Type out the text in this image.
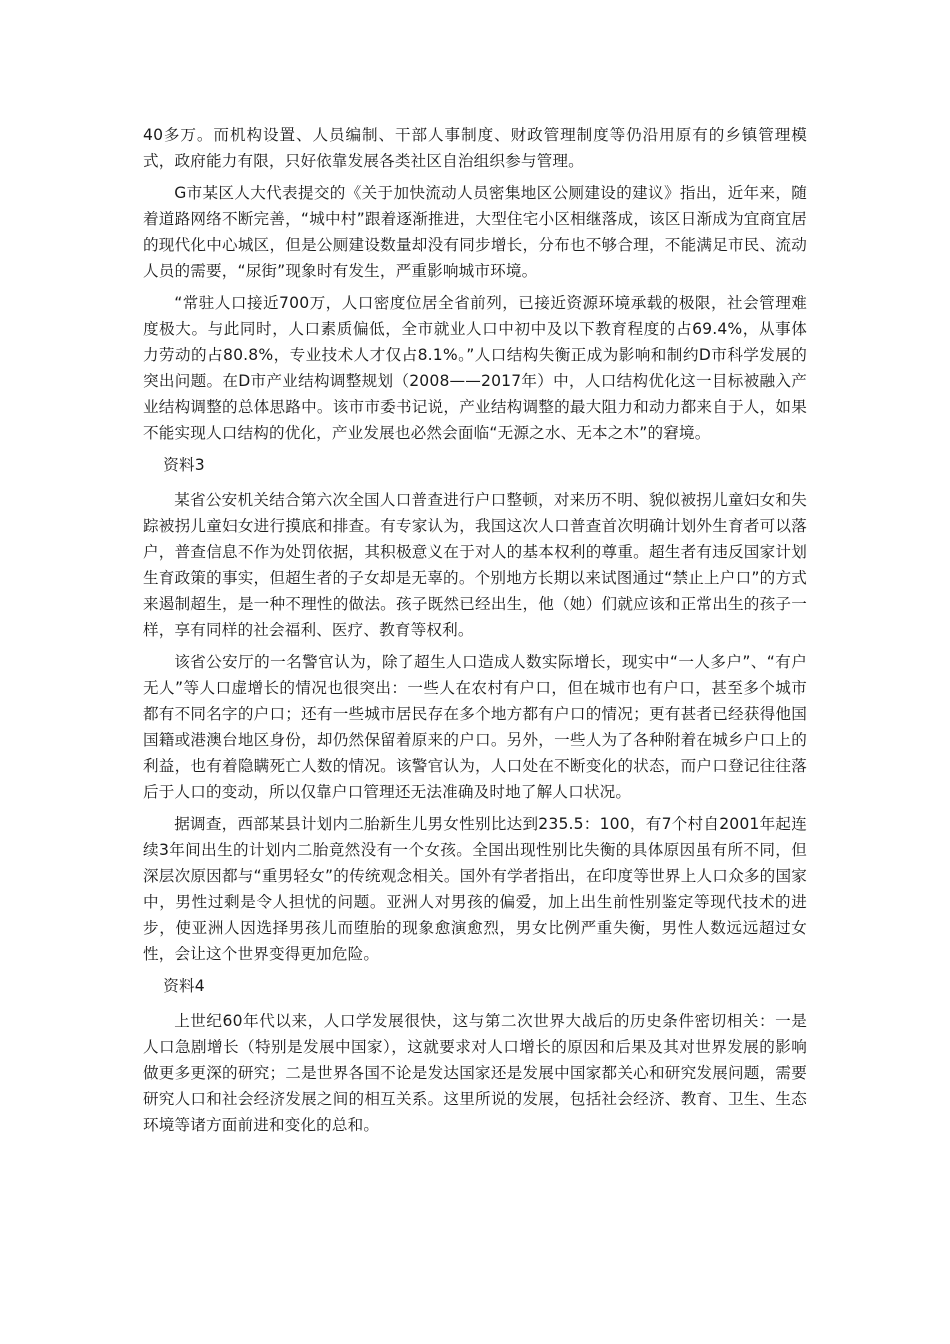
40多万。而机构设置、人员编制、干部人事制度、财政管理制度等仍沿用原有的乡镇管理模式，政府能力有限，只好依靠发展各类社区自治组织参与管理。

G市某区人大代表提交的《关于加快流动人员密集地区公厕建设的建议》指出，近年来，随着道路网络不断完善，“城中村”跟着逐渐推进，大型住宅小区相继落成，该区日渐成为宜商宜居的现代化中心城区，但是公厕建设数量却没有同步增长，分布也不够合理，不能满足市民、流动人员的需要，“尿街”现象时有发生，严重影响城市环境。

“常驻人口接近700万，人口密度位居全省前列，已接近资源环境承载的极限，社会管理难度极大。与此同时，人口素质偏低，全市就业人口中初中及以下教育程度的占69.4%，从事体力劳动的占80.8%，专业技术人才仅占8.1%。”人口结构失衡正成为影响和制约D市科学发展的突出问题。在D市产业结构调整规划（2008——2017年）中，人口结构优化这一目标被融入产业结构调整的总体思路中。该市市委书记说，产业结构调整的最大阻力和动力都来自于人，如果不能实现人口结构的优化，产业发展也必然会面临“无源之水、无本之木”的窘境。

资料3

某省公安机关结合第六次全国人口普查进行户口整顿，对来历不明、貌似被拐儿童妇女和失踪被拐儿童妇女进行摸底和排查。有专家认为，我国这次人口普查首次明确计划外生育者可以落户，普查信息不作为处罚依据，其积极意义在于对人的基本权利的尊重。超生者有违反国家计划生育政策的事实，但超生者的子女却是无辜的。个别地方长期以来试图通过“禁止上户口”的方式来遏制超生，是一种不理性的做法。孩子既然已经出生，他（她）们就应该和正常出生的孩子一样，享有同样的社会福利、医疗、教育等权利。

该省公安厅的一名警官认为，除了超生人口造成人数实际增长，现实中“一人多户”、“有户无人”等人口虚增长的情况也很突出：一些人在农村有户口，但在城市也有户口，甚至多个城市都有不同名字的户口；还有一些城市居民存在多个地方都有户口的情况；更有甚者已经获得他国国籍或港澳台地区身份，却仍然保留着原来的户口。另外，一些人为了各种附着在城乡户口上的利益，也有着隐瞒死亡人数的情况。该警官认为，人口处在不断变化的状态，而户口登记往往落后于人口的变动，所以仅靠户口管理还无法准确及时地了解人口状况。

据调查，西部某县计划内二胎新生儿男女性别比达到235.5：100，有7个村自2001年起连续3年间出生的计划内二胎竟然没有一个女孩。全国出现性别比失衡的具体原因虽有所不同，但深层次原因都与“重男轻女”的传统观念相关。国外有学者指出，在印度等世界上人口众多的国家中，男性过剩是令人担忧的问题。亚洲人对男孩的偏爱，加上出生前性别鉴定等现代技术的进步，使亚洲人因选择男孩儿而堕胎的现象愈演愈烈，男女比例严重失衡，男性人数远远超过女性，会让这个世界变得更加危险。

资料4

上世纪60年代以来，人口学发展很快，这与第二次世界大战后的历史条件密切相关：一是人口急剧增长（特别是发展中国家），这就要求对人口增长的原因和后果及其对世界发展的影响做更多更深的研究；二是世界各国不论是发达国家还是发展中国家都关心和研究发展问题，需要研究人口和社会经济发展之间的相互关系。这里所说的发展，包括社会经济、教育、卫生、生态环境等诸方面前进和变化的总和。
